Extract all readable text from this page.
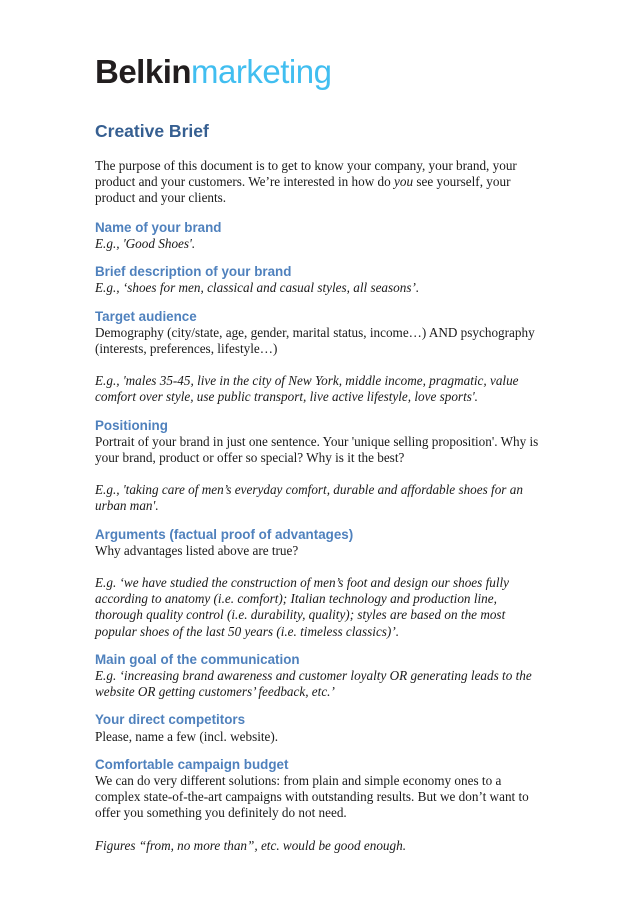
Belkinmarketing
Creative Brief

The purpose of this document is to get to know your company, your brand, your product and your customers. We’re interested in how do you see yourself, your product and your clients.

Name of your brand

E.g., 'Good Shoes'.

Brief description of your brand

E.g., ‘shoes for men, classical and casual styles, all seasons’.

Target audience

Demography (city/state, age, gender, marital status, income…) AND psychography (interests, preferences, lifestyle…)

E.g., 'males 35-45, live in the city of New York, middle income, pragmatic, value comfort over style, use public transport, live active lifestyle, love sports'.

Positioning

Portrait of your brand in just one sentence. Your 'unique selling proposition'. Why is your brand, product or offer so special? Why is it the best?

E.g., 'taking care of men’s everyday comfort, durable and affordable shoes for an urban man'.

Arguments (factual proof of advantages)

Why advantages listed above are true?

E.g. ‘we have studied the construction of men’s foot and design our shoes fully according to anatomy (i.e. comfort); Italian technology and production line, thorough quality control (i.e. durability, quality); styles are based on the most popular shoes of the last 50 years (i.e. timeless classics)’.

Main goal of the communication

E.g. ‘increasing brand awareness and customer loyalty OR generating leads to the website OR getting customers’ feedback, etc.’

Your direct competitors

Please, name a few (incl. website).

Comfortable campaign budget

We can do very different solutions: from plain and simple economy ones to a complex state-of-the-art campaigns with outstanding results. But we don’t want to offer you something you definitely do not need.

Figures “from, no more than”, etc. would be good enough.
